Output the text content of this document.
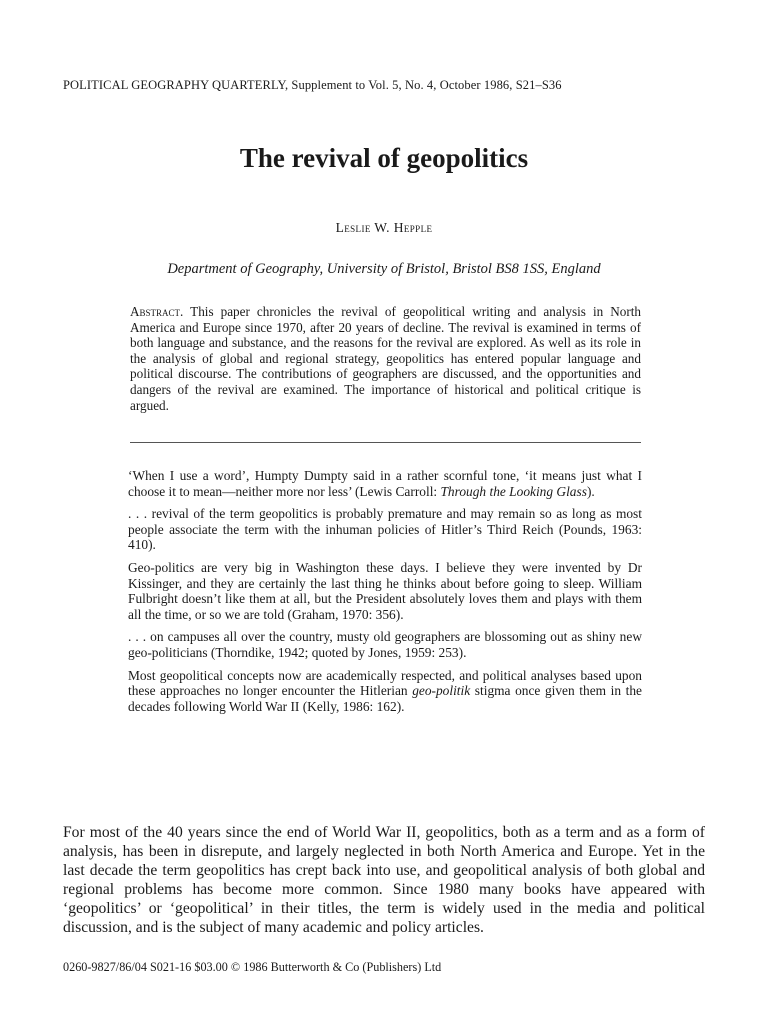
POLITICAL GEOGRAPHY QUARTERLY, Supplement to Vol. 5, No. 4, October 1986, S21–S36
The revival of geopolitics
Leslie W. Hepple
Department of Geography, University of Bristol, Bristol BS8 1SS, England

Abstract. This paper chronicles the revival of geopolitical writing and analysis in North America and Europe since 1970, after 20 years of decline. The revival is examined in terms of both language and substance, and the reasons for the revival are explored. As well as its role in the analysis of global and regional strategy, geopolitics has entered popular language and political discourse. The contributions of geographers are discussed, and the opportunities and dangers of the revival are examined. The importance of historical and political critique is argued.

‘When I use a word’, Humpty Dumpty said in a rather scornful tone, ‘it means just what I choose it to mean—neither more nor less’ (Lewis Carroll: Through the Looking Glass).

. . . revival of the term geopolitics is probably premature and may remain so as long as most people associate the term with the inhuman policies of Hitler’s Third Reich (Pounds, 1963: 410).

Geo-politics are very big in Washington these days. I believe they were invented by Dr Kissinger, and they are certainly the last thing he thinks about before going to sleep. William Fulbright doesn’t like them at all, but the President absolutely loves them and plays with them all the time, or so we are told (Graham, 1970: 356).

. . . on campuses all over the country, musty old geographers are blossoming out as shiny new geo-politicians (Thorndike, 1942; quoted by Jones, 1959: 253).

Most geopolitical concepts now are academically respected, and political analyses based upon these approaches no longer encounter the Hitlerian geo-politik stigma once given them in the decades following World War II (Kelly, 1986: 162).

For most of the 40 years since the end of World War II, geopolitics, both as a term and as a form of analysis, has been in disrepute, and largely neglected in both North America and Europe. Yet in the last decade the term geopolitics has crept back into use, and geopolitical analysis of both global and regional problems has become more common. Since 1980 many books have appeared with ‘geopolitics’ or ‘geopolitical’ in their titles, the term is widely used in the media and political discussion, and is the subject of many academic and policy articles.

0260-9827/86/04 S021-16 $03.00 © 1986 Butterworth & Co (Publishers) Ltd
